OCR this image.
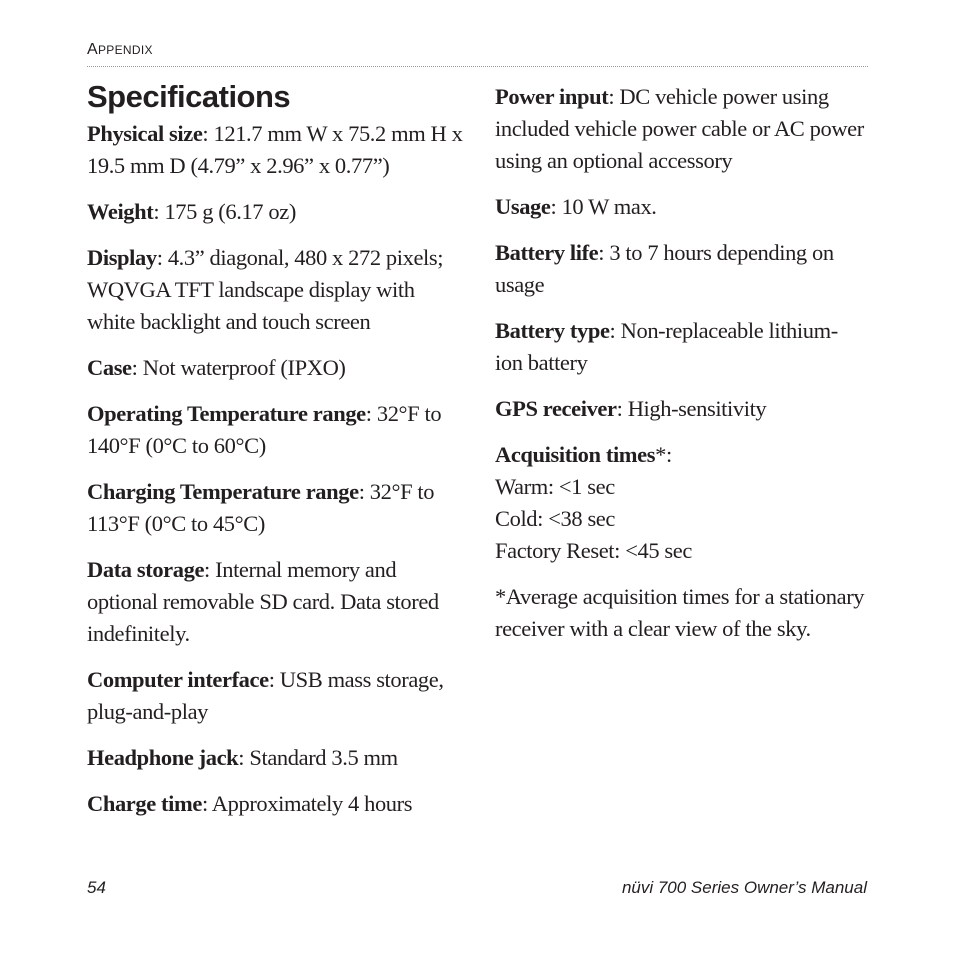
APPENDIX
Specifications

Physical size: 121.7 mm W x 75.2 mm H x 19.5 mm D (4.79” x 2.96” x 0.77”)

Weight: 175 g (6.17 oz)

Display: 4.3” diagonal, 480 x 272 pixels; WQVGA TFT landscape display with white backlight and touch screen

Case: Not waterproof (IPXO)

Operating Temperature range: 32°F to 140°F (0°C to 60°C)

Charging Temperature range: 32°F to 113°F (0°C to 45°C)

Data storage: Internal memory and optional removable SD card. Data stored indefinitely.

Computer interface: USB mass storage, plug-and-play

Headphone jack: Standard 3.5 mm

Charge time: Approximately 4 hours

Power input: DC vehicle power using included vehicle power cable or AC power using an optional accessory

Usage: 10 W max.

Battery life: 3 to 7 hours depending on usage

Battery type: Non-replaceable lithium-ion battery

GPS receiver: High-sensitivity

Acquisition times*:
Warm: <1 sec
Cold: <38 sec
Factory Reset: <45 sec

*Average acquisition times for a stationary receiver with a clear view of the sky.

54	nüvi 700 Series Owner’s Manual
